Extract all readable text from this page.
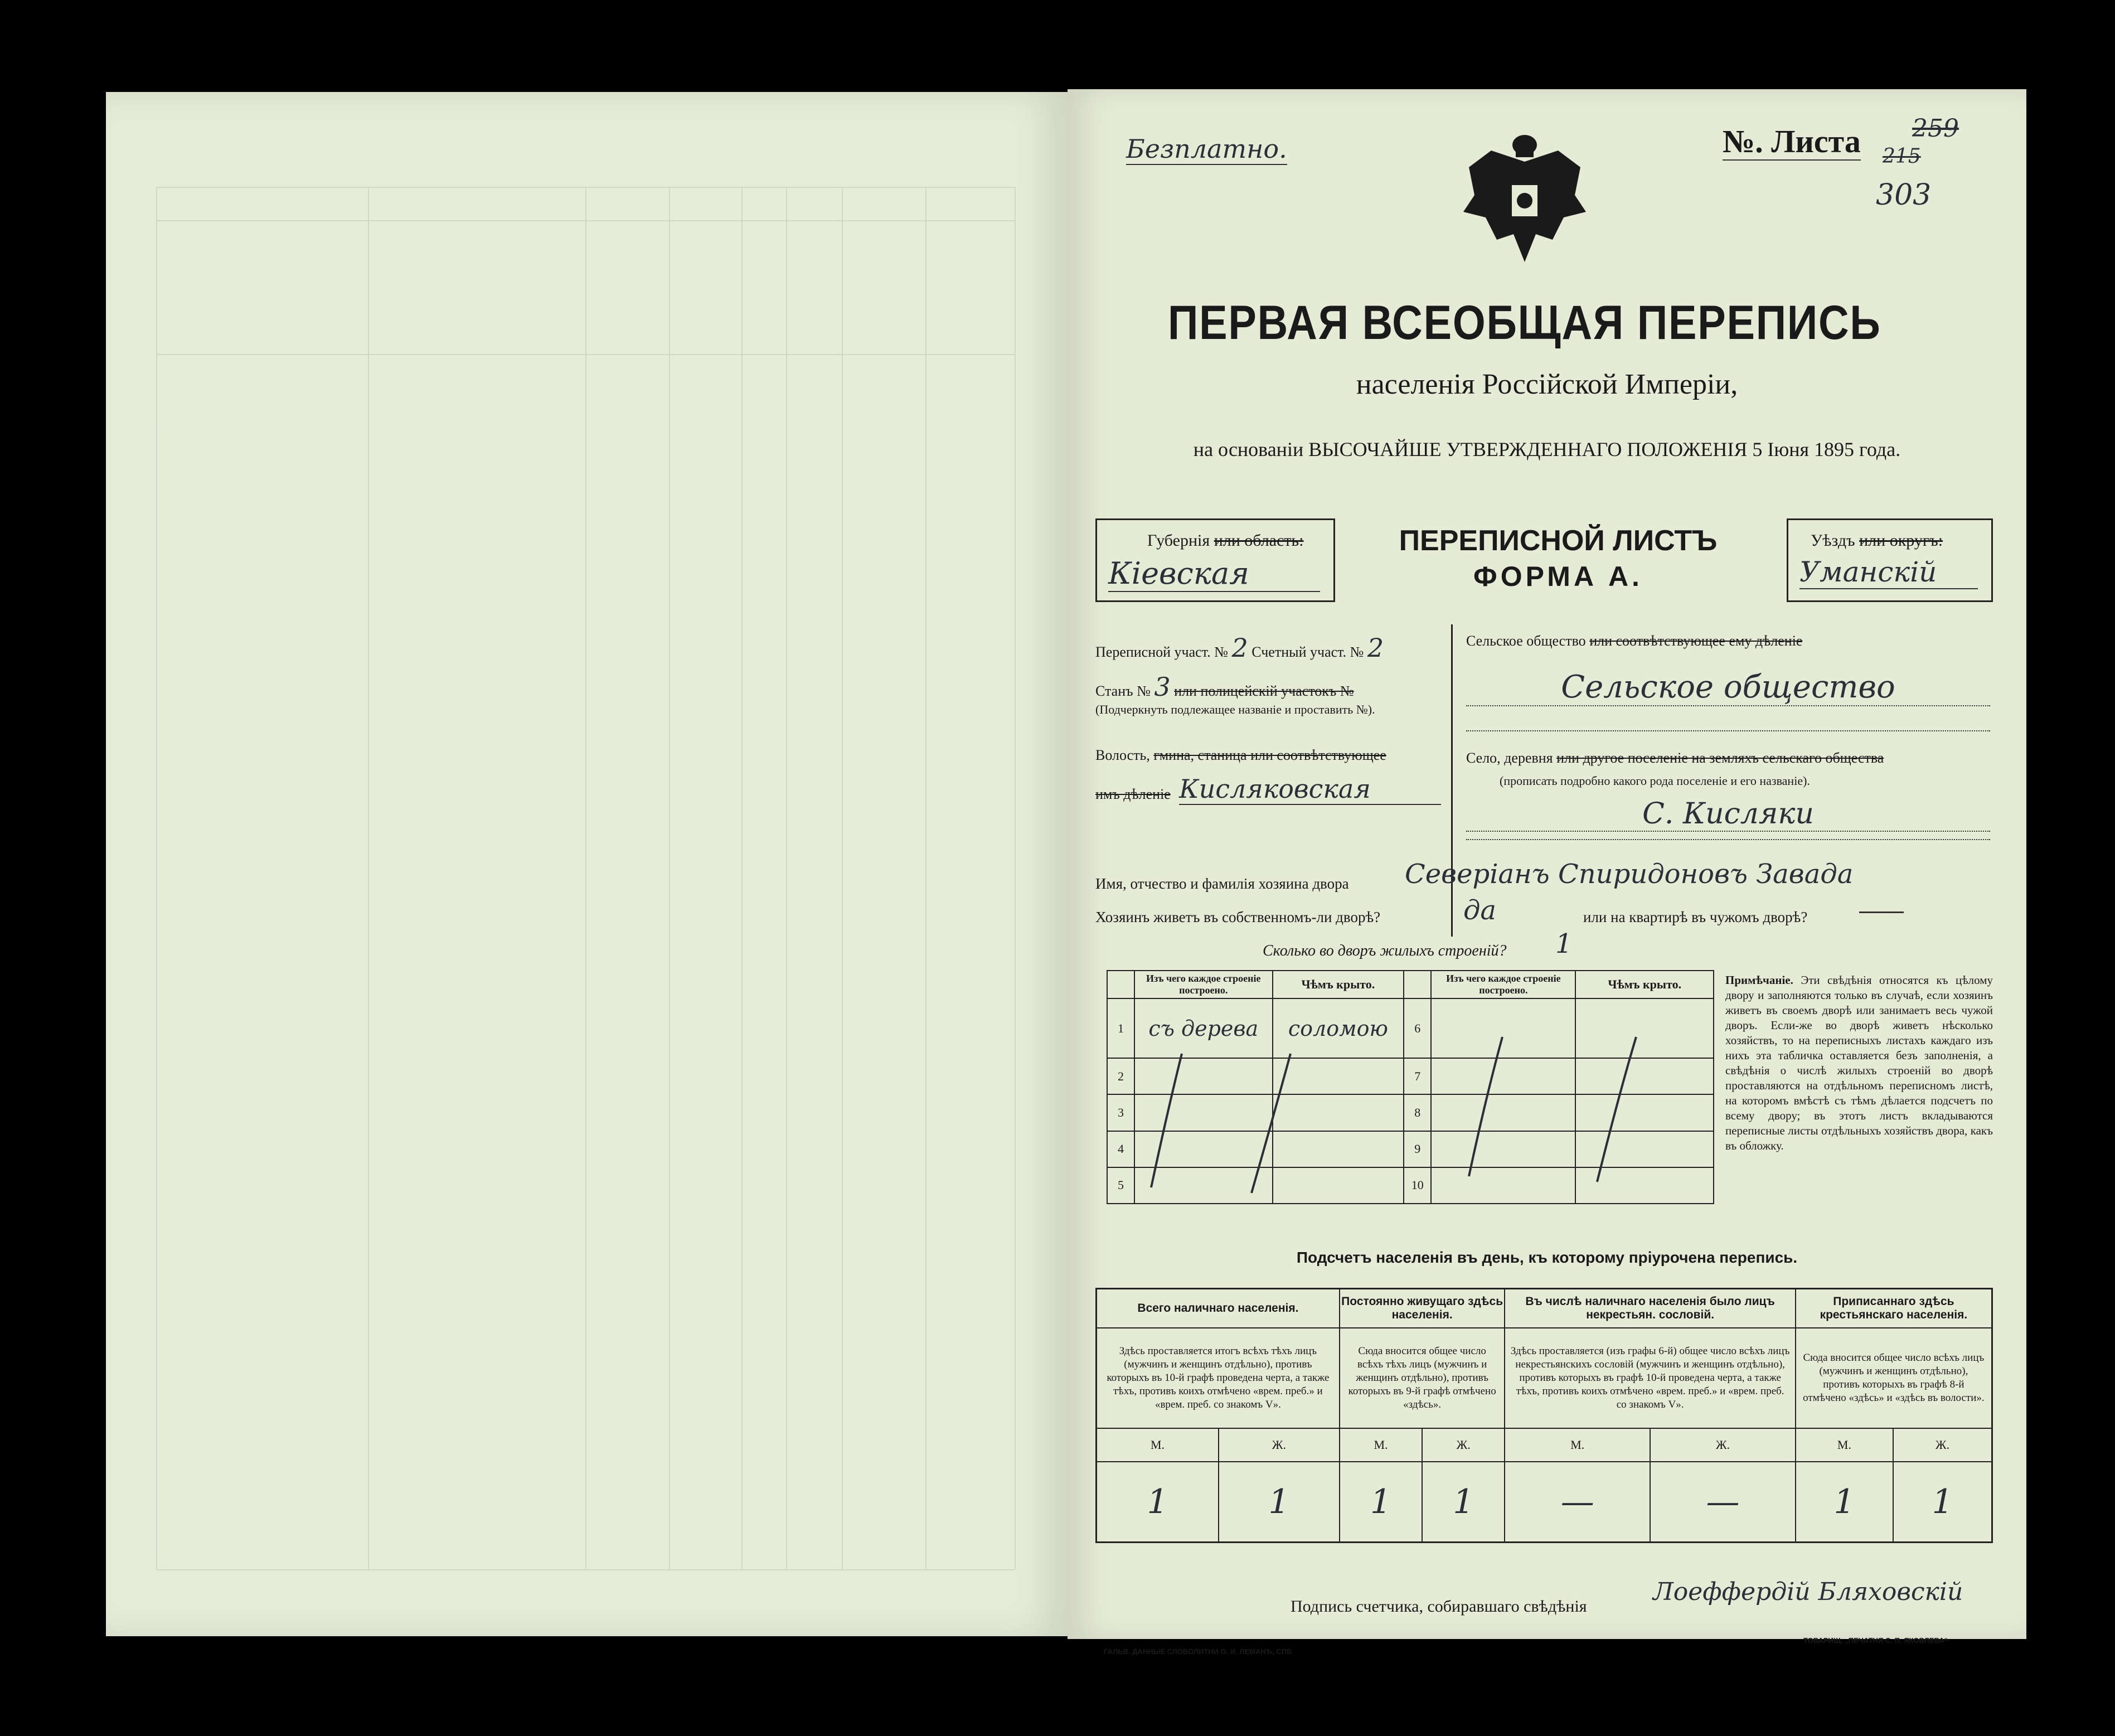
Безплатно.	№. Листа 259
215
303
ПЕРВАЯ ВСЕОБЩАЯ ПЕРЕПИСЬ
населенія Россійской Имперіи,
на основаніи ВЫСОЧАЙШЕ УТВЕРЖДЕННАГО ПОЛОЖЕНІЯ 5 Іюня 1895 года.
Губернія или область:
Кіевская
ПЕРЕПИСНОЙ ЛИСТЪ
ФОРМА А.
Уѣздъ или округъ:
Уманскій
Переписной участ. № 2 Счетный участ. № 2
Станъ № 3 или полицейскій участокъ №
(Подчеркнуть подлежащее названіе и проставить №).
Волость, гмина, станица или соотвѣтствующее
имъ дѣленіе Кисляковская
Сельское общество или соотвѣтствующее ему дѣленіе
Сельское общество
Село, деревня или другое поселеніе на земляхъ сельскаго общества
(прописать подробно какого рода поселеніе и его названіе).
С. Кисляки
Имя, отчество и фамилія хозяина двора Северіанъ Спиридоновъ Завада
Хозяинъ живетъ въ собственномъ-ли дворѣ?	да	или на квартирѣ въ чужомъ дворѣ?
Сколько во дворъ жилыхъ строеній? 1
	Изъ чего каждое строеніе построено.	Чѣмъ крыто.		Изъ чего каждое строеніе построено.	Чѣмъ крыто.
1	съ дерева	соломою	6		
2			7		
3			8		
4			9		
5			10		
Примѣчаніе. Эти свѣдѣнія относятся къ цѣлому двору и заполняются только въ случаѣ, если хозяинъ живетъ въ своемъ дворѣ или занимаетъ весь чужой дворъ. Если-же во дворѣ живетъ нѣсколько хозяйствъ, то на переписныхъ листахъ каждаго изъ нихъ эта табличка оставляется безъ заполненія, а свѣдѣнія о числѣ жилыхъ строеній во дворѣ проставляются на отдѣльномъ переписномъ листѣ, на которомъ вмѣстѣ съ тѣмъ дѣлается подсчетъ по всему двору; въ этотъ листъ вкладываются переписные листы отдѣльныхъ хозяйствъ двора, какъ въ обложку.
Подсчетъ населенія въ день, къ которому пріурочена перепись.
Всего наличнаго населенія.		Постоянно живущаго здѣсь населенія.		Въ числѣ наличнаго населенія было лицъ некрестьян. сословій.		Приписаннаго здѣсь крестьянскаго населенія.	
Здѣсь проставляется итогъ всѣхъ тѣхъ лицъ (мужчинъ и женщинъ отдѣльно), противъ которыхъ въ 10-й графѣ проведена черта, а также тѣхъ, противъ коихъ отмѣчено «врем. преб.» и «врем. преб. со знакомъ V».		Сюда вносится общее число всѣхъ тѣхъ лицъ (мужчинъ и женщинъ отдѣльно), противъ которыхъ въ 9-й графѣ отмѣчено «здѣсь».		Здѣсь проставляется (изъ графы 6-й) общее число всѣхъ лицъ некрестьянскихъ сословій (мужчинъ и женщинъ отдѣльно), противъ которыхъ въ графѣ 10-й проведена черта, а также тѣхъ, противъ коихъ отмѣчено «врем. преб.» и «врем. преб. со знакомъ V».		Сюда вносится общее число всѣхъ лицъ (мужчинъ и женщинъ отдѣльно), противъ которыхъ въ графѣ 8-й отмѣчено «здѣсь» и «здѣсь въ волости».	
М.	Ж.	М.	Ж.	М.	Ж.	М.	Ж.
1	1	1	1	—	—	1	1
Подпись счетчика, собиравшаго свѣдѣнія
Лоеффердій Бляховскій
ГАЛЬВ. ДАННЫЕ СЛОВОЛИТНИ О. И. ЛЕМАНЪ, СПБ
ТОВАРИЩ. „ПЕЧАТНЯ С. П. ЯКОВЛЕВА“
